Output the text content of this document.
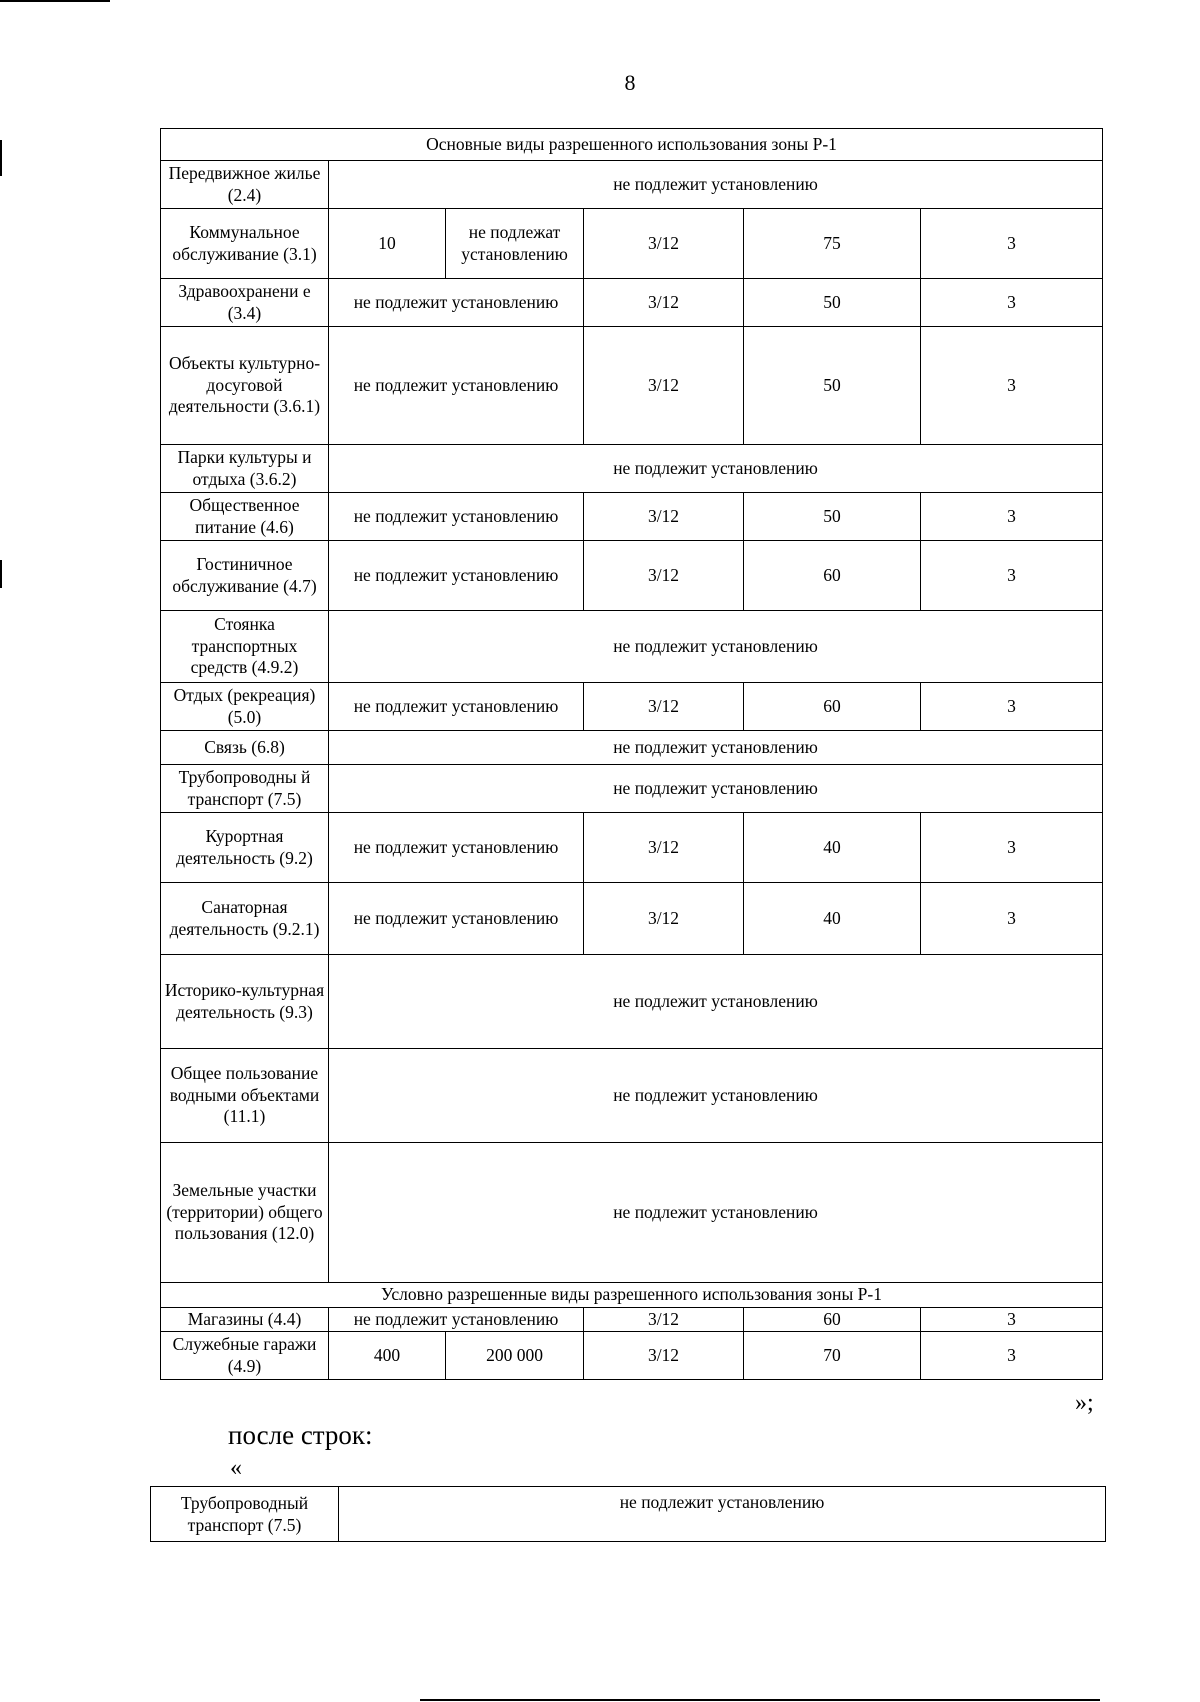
8
Основные виды разрешенного использования зоны Р-1					
Передвижное жилье (2.4)	не подлежит установлению				
Коммунальное обслуживание (3.1)	10	не подлежат установлению	3/12	75	3
Здравоохранени е (3.4)	не подлежит установлению		3/12	50	3
Объекты культурно-досуговой деятельности (3.6.1)	не подлежит установлению		3/12	50	3
Парки культуры и отдыха (3.6.2)	не подлежит установлению				
Общественное питание (4.6)	не подлежит установлению		3/12	50	3
Гостиничное обслуживание (4.7)	не подлежит установлению		3/12	60	3
Стоянка транспортных средств (4.9.2)	не подлежит установлению				
Отдых (рекреация) (5.0)	не подлежит установлению		3/12	60	3
Связь (6.8)	не подлежит установлению				
Трубопроводны й транспорт (7.5)	не подлежит установлению				
Курортная деятельность (9.2)	не подлежит установлению		3/12	40	3
Санаторная деятельность (9.2.1)	не подлежит установлению		3/12	40	3
Историко-культурная деятельность (9.3)	не подлежит установлению				
Общее пользование водными объектами (11.1)	не подлежит установлению				
Земельные участки (территории) общего пользования (12.0)	не подлежит установлению				
Условно разрешенные виды разрешенного использования зоны Р-1					
Магазины (4.4)	не подлежит установлению		3/12	60	3
Служебные гаражи (4.9)	400	200 000	3/12	70	3
»;
после строк:
«
Трубопроводный транспорт (7.5)	не подлежит установлению
